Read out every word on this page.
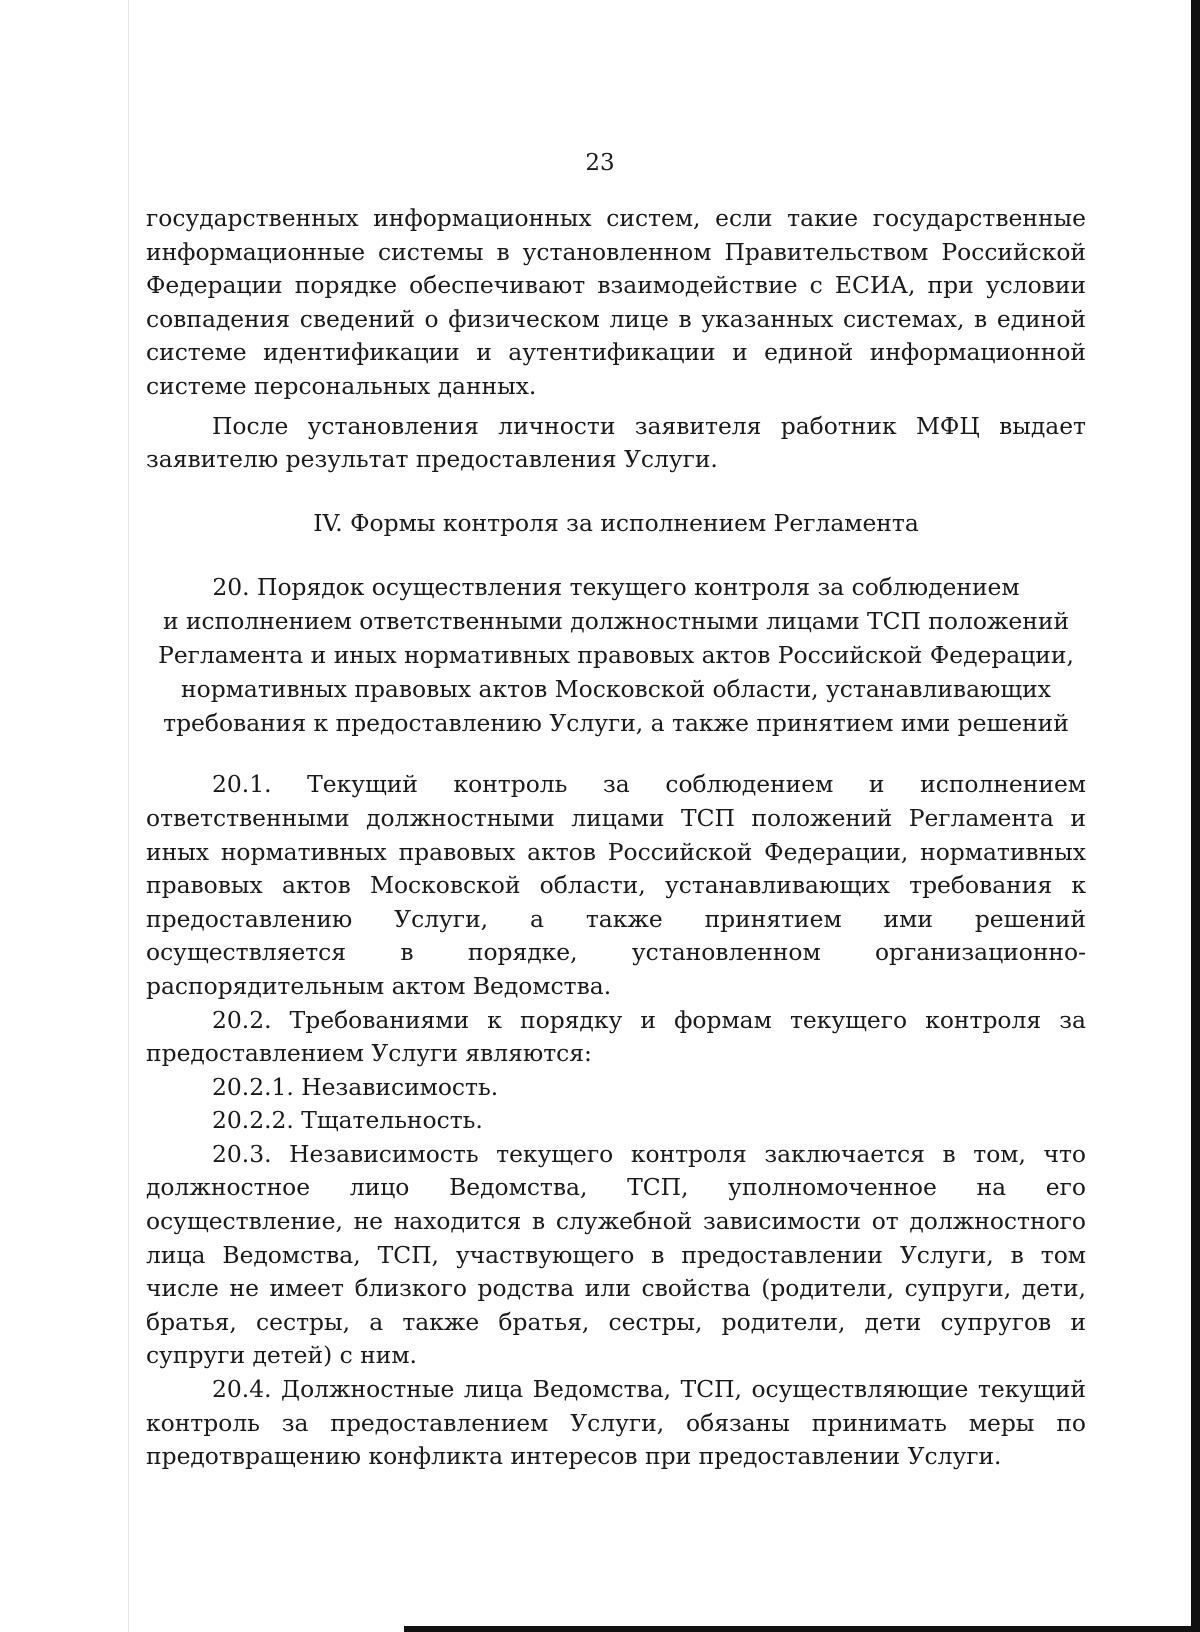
23

государственных информационных систем, если такие государственные информационные системы в установленном Правительством Российской Федерации порядке обеспечивают взаимодействие с ЕСИА, при условии совпадения сведений о физическом лице в указанных системах, в единой системе идентификации и аутентификации и единой информационной системе персональных данных.

После установления личности заявителя работник МФЦ выдает заявителю результат предоставления Услуги.

IV. Формы контроля за исполнением Регламента

20. Порядок осуществления текущего контроля за соблюдением
и исполнением ответственными должностными лицами ТСП положений
Регламента и иных нормативных правовых актов Российской Федерации,
нормативных правовых актов Московской области, устанавливающих
требования к предоставлению Услуги, а также принятием ими решений

20.1. Текущий контроль за соблюдением и исполнением ответственными должностными лицами ТСП положений Регламента и иных нормативных правовых актов Российской Федерации, нормативных правовых актов Московской области, устанавливающих требования к предоставлению Услуги, а также принятием ими решений осуществляется в порядке, установленном организационно-распорядительным актом Ведомства.

20.2. Требованиями к порядку и формам текущего контроля за предоставлением Услуги являются:

20.2.1. Независимость.

20.2.2. Тщательность.

20.3. Независимость текущего контроля заключается в том, что должностное лицо Ведомства, ТСП, уполномоченное на его осуществление, не находится в служебной зависимости от должностного лица Ведомства, ТСП, участвующего в предоставлении Услуги, в том числе не имеет близкого родства или свойства (родители, супруги, дети, братья, сестры, а также братья, сестры, родители, дети супругов и супруги детей) с ним.

20.4. Должностные лица Ведомства, ТСП, осуществляющие текущий контроль за предоставлением Услуги, обязаны принимать меры по предотвращению конфликта интересов при предоставлении Услуги.
